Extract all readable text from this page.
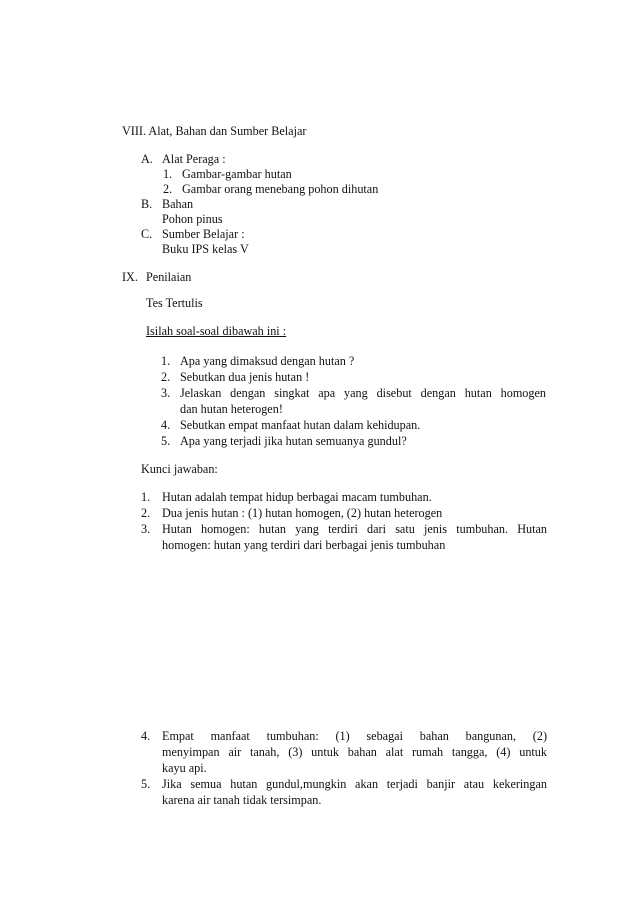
VIII. Alat, Bahan dan Sumber Belajar
A. Alat Peraga :
1. Gambar-gambar hutan
2. Gambar orang menebang pohon dihutan
B. Bahan
Pohon pinus
C. Sumber Belajar :
Buku IPS kelas V
IX. Penilaian
Tes Tertulis
Isilah soal-soal dibawah ini :
1. Apa yang dimaksud dengan hutan ?
2. Sebutkan dua jenis hutan !
3. Jelaskan dengan singkat apa yang disebut dengan hutan homogen
dan hutan heterogen!
4. Sebutkan empat manfaat hutan dalam kehidupan.
5. Apa yang terjadi jika hutan semuanya gundul?
Kunci jawaban:
1. Hutan adalah tempat hidup berbagai macam tumbuhan.
2. Dua jenis hutan : (1) hutan homogen, (2) hutan heterogen
3. Hutan homogen: hutan yang terdiri dari satu jenis tumbuhan. Hutan
homogen: hutan yang terdiri dari berbagai jenis tumbuhan
4. Empat manfaat tumbuhan: (1) sebagai bahan bangunan, (2)
menyimpan air tanah, (3) untuk bahan alat rumah tangga, (4) untuk
kayu api.
5. Jika semua hutan gundul,mungkin akan terjadi banjir atau kekeringan
karena air tanah tidak tersimpan.
